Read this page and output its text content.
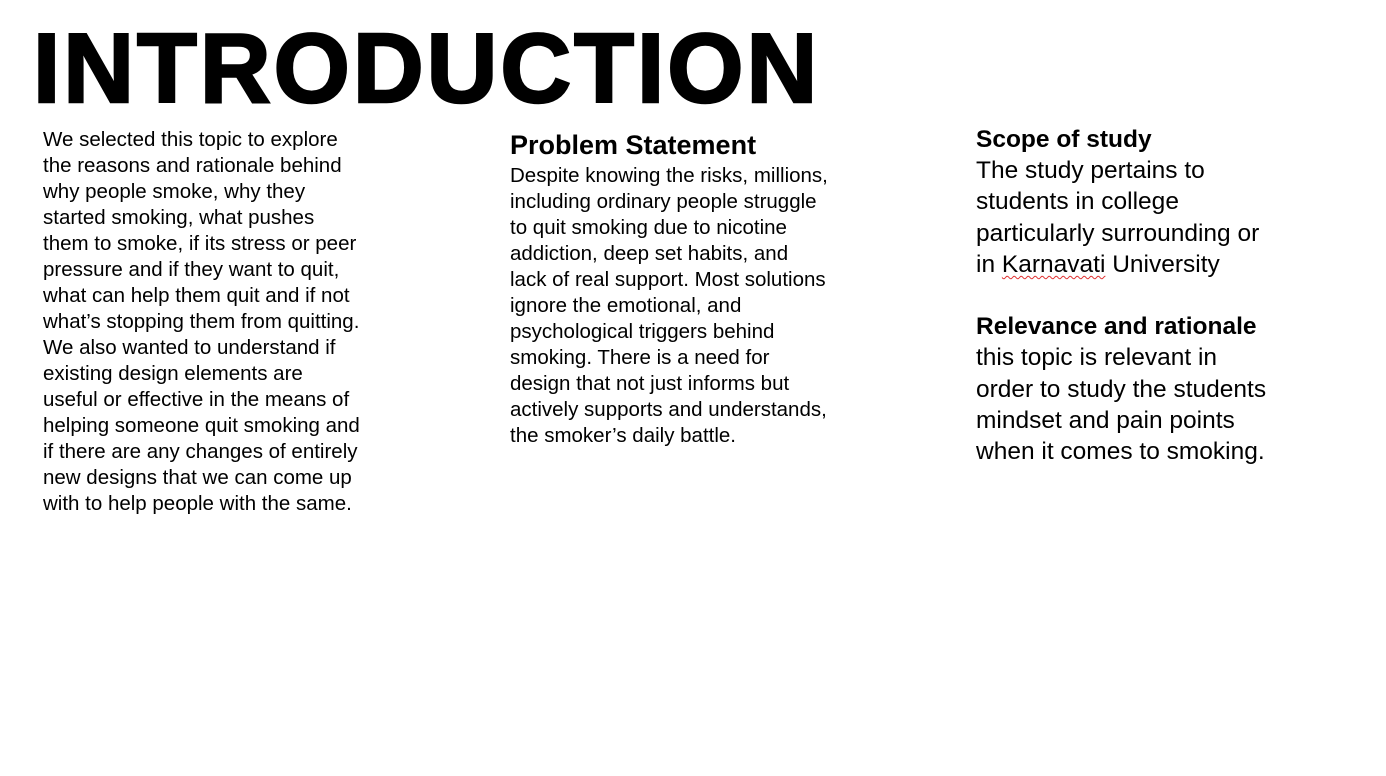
INTRODUCTION
We selected this topic to explore the reasons and rationale behind why people smoke, why they started smoking, what pushes them to smoke, if its stress or peer pressure and if they want to quit, what can help them quit and if not what’s stopping them from quitting. We also wanted to understand if existing design elements are useful or effective in the means of helping someone quit smoking and if there are any changes of entirely new designs that we can come up with to help people with the same.
Problem Statement
Despite knowing the risks, millions, including ordinary people struggle to quit smoking due to nicotine addiction, deep set habits, and lack of real support. Most solutions ignore the emotional, and psychological triggers behind smoking. There is a need for design that not just informs but actively supports and understands, the smoker’s daily battle.
Scope of study
The study pertains to students in college particularly surrounding or in Karnavati University
Relevance and rationale
this topic is relevant in order to study the students mindset and pain points when it comes to smoking.
